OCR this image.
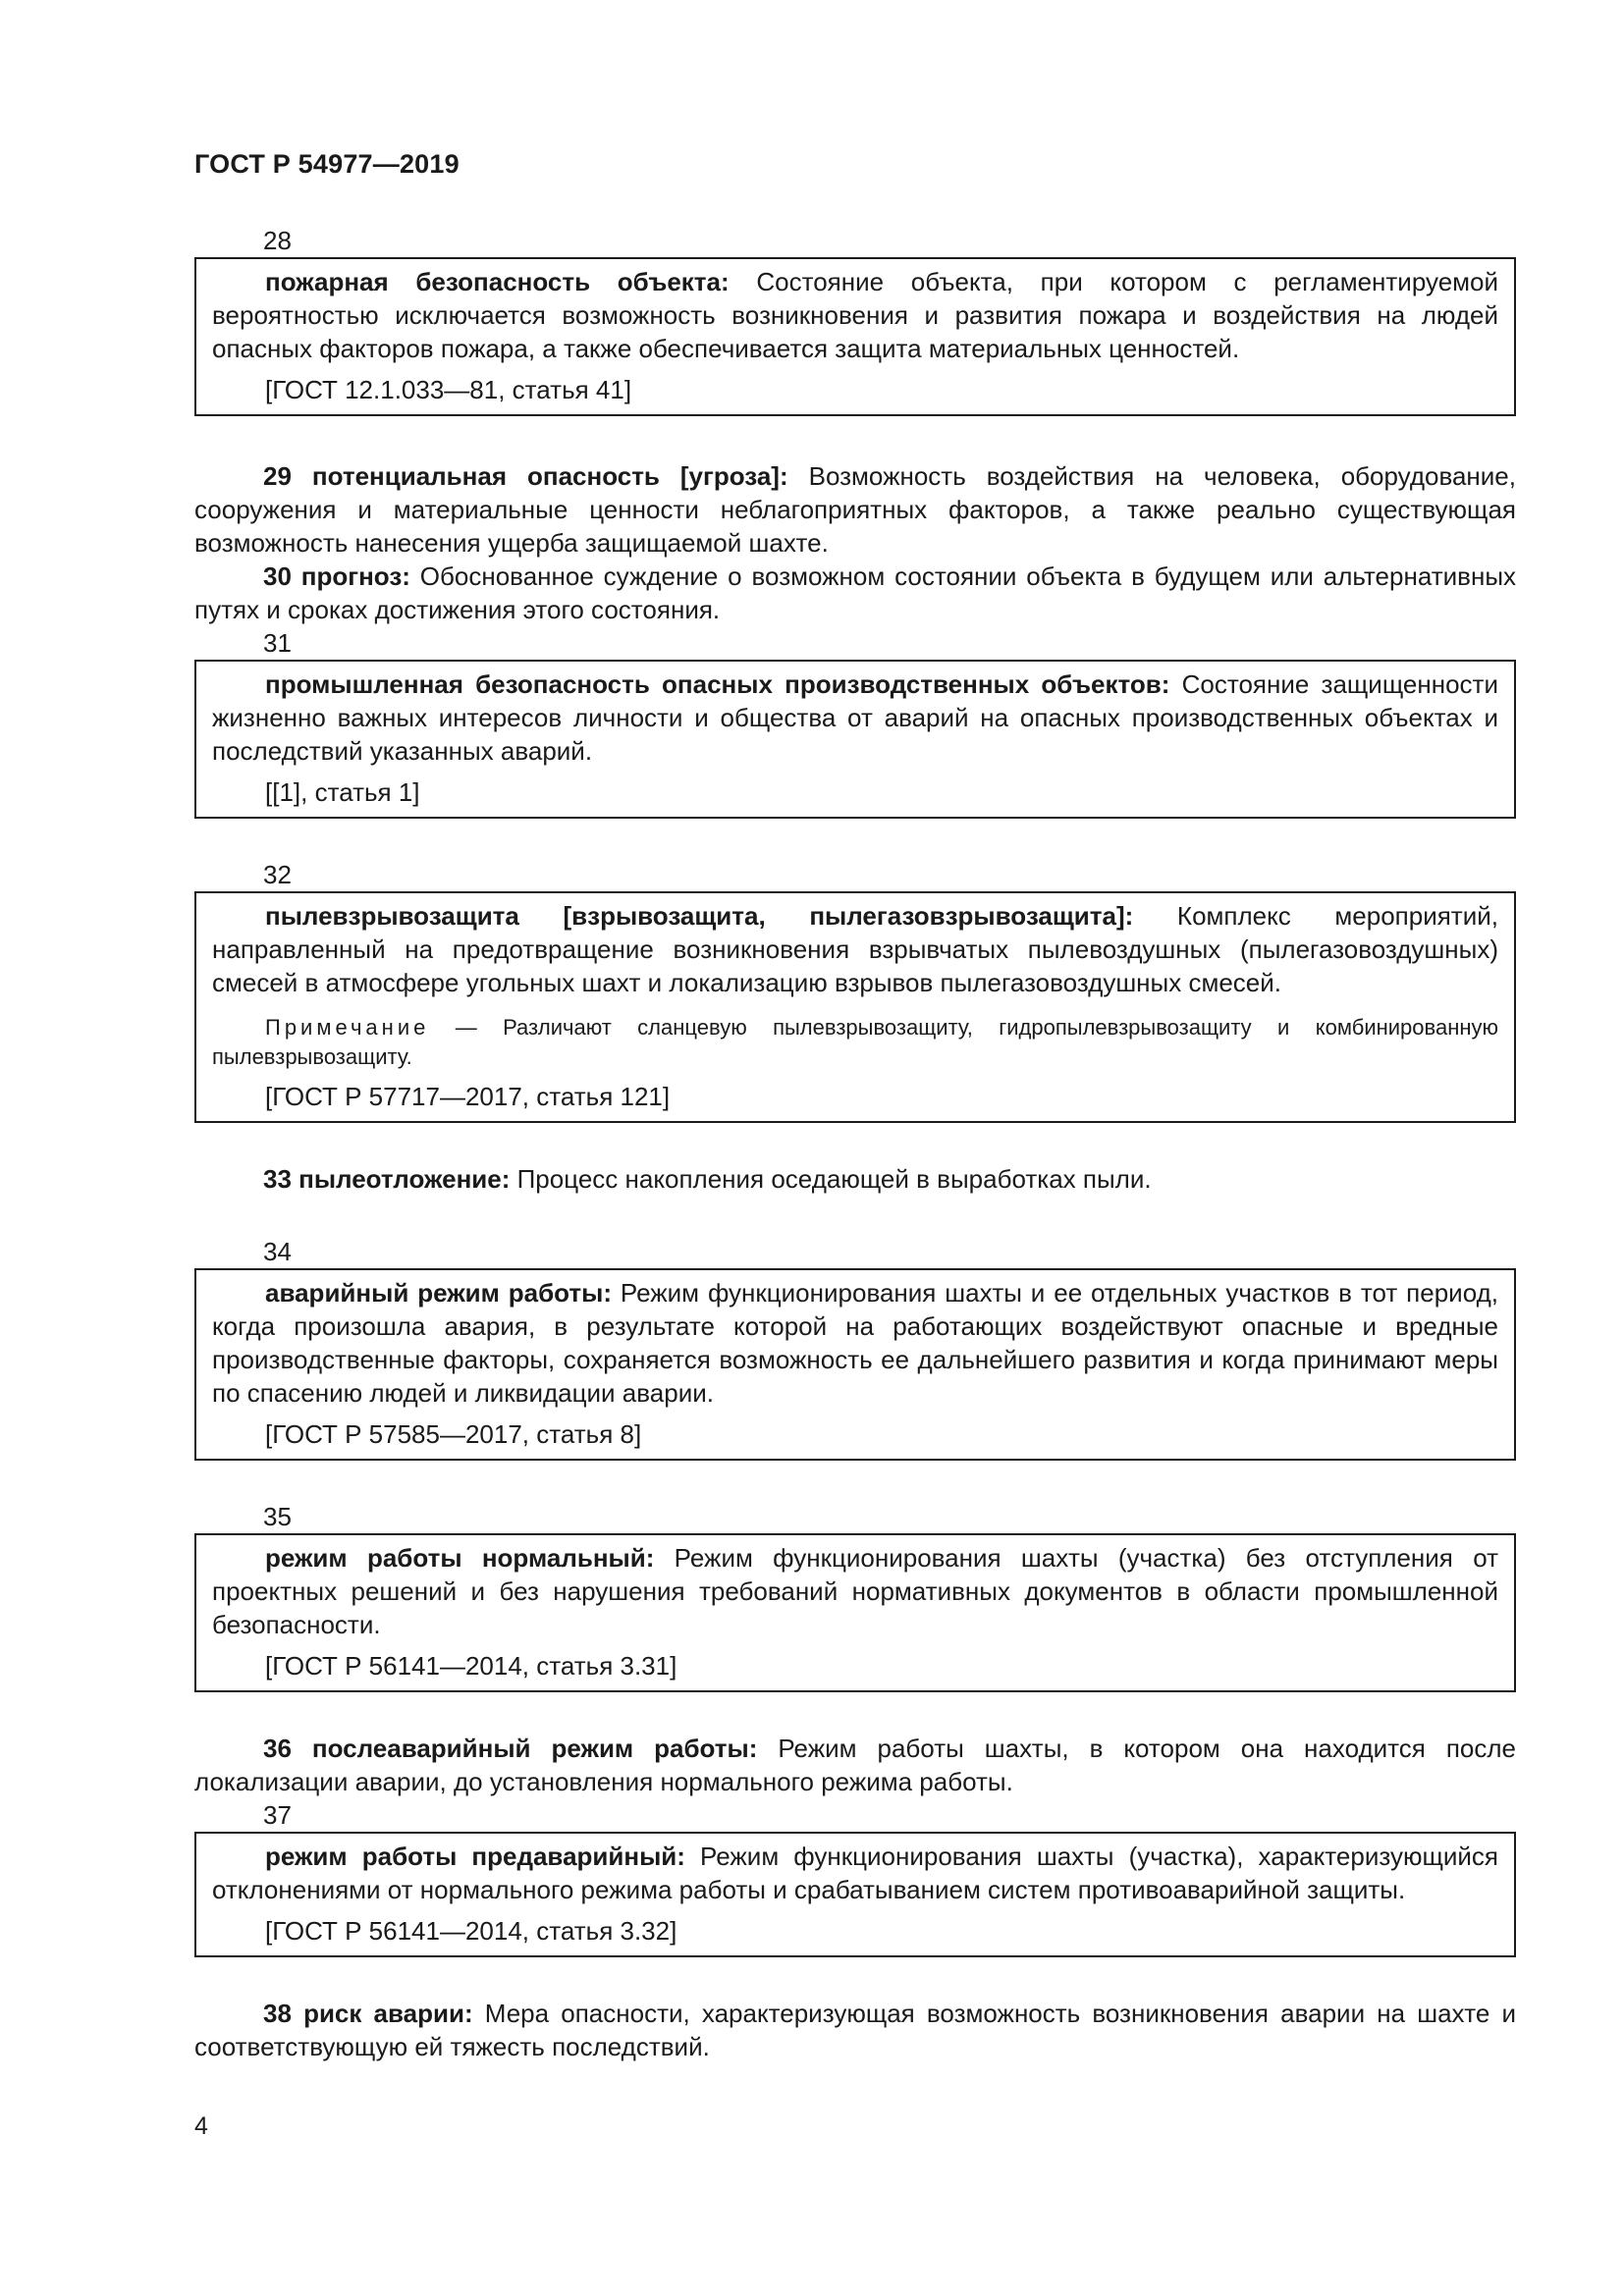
ГОСТ Р 54977—2019
28

пожарная безопасность объекта: Состояние объекта, при котором с регламентируемой вероятностью исключается возможность возникновения и развития пожара и воздействия на людей опасных факторов пожара, а также обеспечивается защита материальных ценностей.

[ГОСТ 12.1.033—81, статья 41]

29 потенциальная опасность [угроза]: Возможность воздействия на человека, оборудование, сооружения и материальные ценности неблагоприятных факторов, а также реально существующая возможность нанесения ущерба защищаемой шахте.

30 прогноз: Обоснованное суждение о возможном состоянии объекта в будущем или альтернативных путях и сроках достижения этого состояния.

31

промышленная безопасность опасных производственных объектов: Состояние защищенности жизненно важных интересов личности и общества от аварий на опасных производственных объектах и последствий указанных аварий.

[[1], статья 1]

32

пылевзрывозащита [взрывозащита, пылегазовзрывозащита]: Комплекс мероприятий, направленный на предотвращение возникновения взрывчатых пылевоздушных (пылегазовоздушных) смесей в атмосфере угольных шахт и локализацию взрывов пылегазовоздушных смесей.

Примечание — Различают сланцевую пылевзрывозащиту, гидропылевзрывозащиту и комбинированную пылевзрывозащиту.

[ГОСТ Р 57717—2017, статья 121]

33 пылеотложение: Процесс накопления оседающей в выработках пыли.

34

аварийный режим работы: Режим функционирования шахты и ее отдельных участков в тот период, когда произошла авария, в результате которой на работающих воздействуют опасные и вредные производственные факторы, сохраняется возможность ее дальнейшего развития и когда принимают меры по спасению людей и ликвидации аварии.

[ГОСТ Р 57585—2017, статья 8]

35

режим работы нормальный: Режим функционирования шахты (участка) без отступления от проектных решений и без нарушения требований нормативных документов в области промышленной безопасности.

[ГОСТ Р 56141—2014, статья 3.31]

36 послеаварийный режим работы: Режим работы шахты, в котором она находится после локализации аварии, до установления нормального режима работы.

37

режим работы предаварийный: Режим функционирования шахты (участка), характеризующийся отклонениями от нормального режима работы и срабатыванием систем противоаварийной защиты.

[ГОСТ Р 56141—2014, статья 3.32]

38 риск аварии: Мера опасности, характеризующая возможность возникновения аварии на шахте и соответствующую ей тяжесть последствий.

4
